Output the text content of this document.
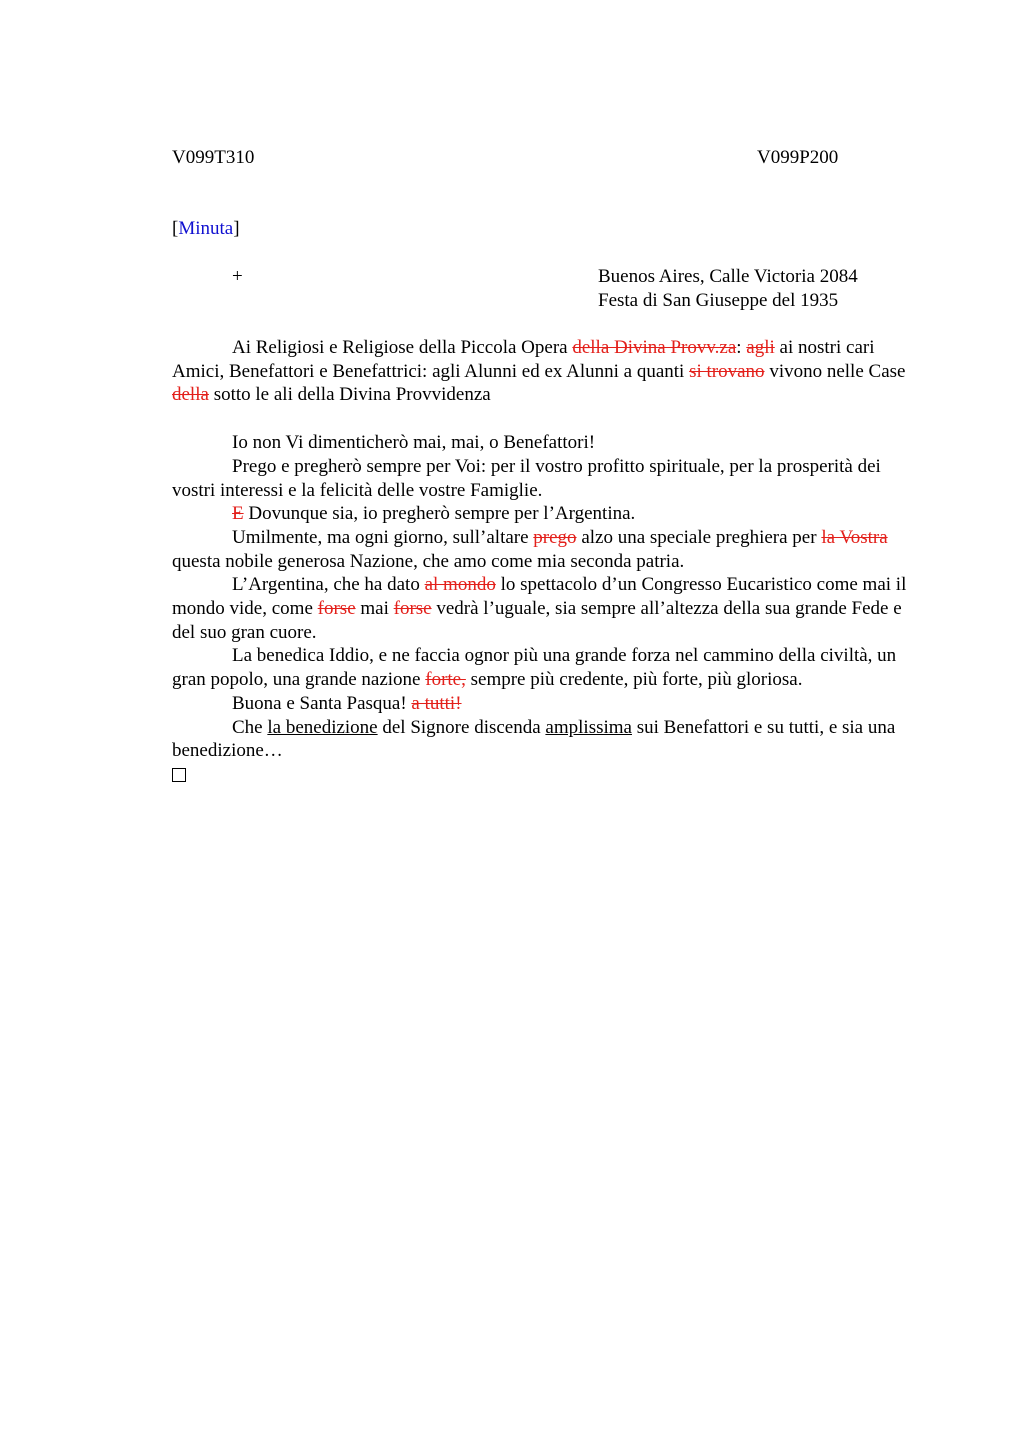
V099T310	V099P200
[Minuta]
+	Buenos Aires, Calle Victoria 2084
Festa di San Giuseppe del 1935

Ai Religiosi e Religiose della Piccola Opera della Divina Provv.za: agli ai nostri cari Amici, Benefattori e Benefattrici: agli Alunni ed ex Alunni a quanti si trovano vivono nelle Case della sotto le ali della Divina Provvidenza

Io non Vi dimenticherò mai, mai, o Benefattori!

Prego e pregherò sempre per Voi: per il vostro profitto spirituale, per la prosperità dei vostri interessi e la felicità delle vostre Famiglie.

E Dovunque sia, io pregherò sempre per l’Argentina.

Umilmente, ma ogni giorno, sull’altare prego alzo una speciale preghiera per la Vostra questa nobile generosa Nazione, che amo come mia seconda patria.

L’Argentina, che ha dato al mondo lo spettacolo d’un Congresso Eucaristico come mai il mondo vide, come forse mai forse vedrà l’uguale, sia sempre all’altezza della sua grande Fede e del suo gran cuore.

La benedica Iddio, e ne faccia ognor più una grande forza nel cammino della civiltà, un gran popolo, una grande nazione forte, sempre più credente, più forte, più gloriosa.

Buona e Santa Pasqua! a tutti!

Che la benedizione del Signore discenda amplissima sui Benefattori e su tutti, e sia una benedizione…
